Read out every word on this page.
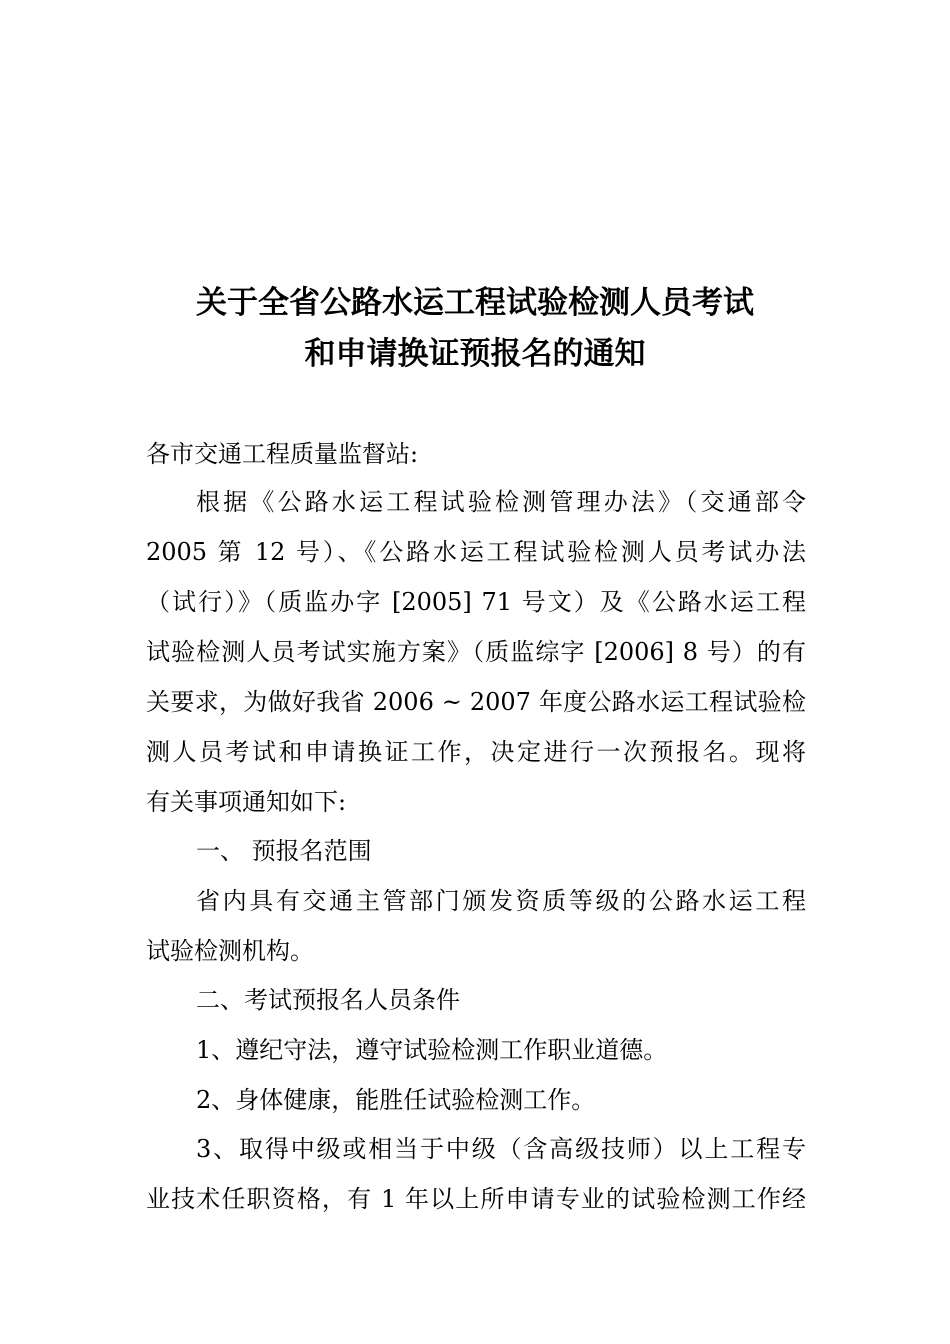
关于全省公路水运工程试验检测人员考试
和申请换证预报名的通知
各市交通工程质量监督站:
根据《公路水运工程试验检测管理办法》（交通部令
2005 第 12 号）、《公路水运工程试验检测人员考试办法
（试行）》（质监办字 [2005] 71 号文）及《公路水运工程
试验检测人员考试实施方案》（质监综字 [2006] 8 号）的有
关要求，为做好我省 2006 ~ 2007 年度公路水运工程试验检
测人员考试和申请换证工作，决定进行一次预报名。现将
有关事项通知如下:
一、 预报名范围
省内具有交通主管部门颁发资质等级的公路水运工程
试验检测机构。
二、考试预报名人员条件
1、遵纪守法，遵守试验检测工作职业道德。
2、身体健康，能胜任试验检测工作。
3、取得中级或相当于中级（含高级技师）以上工程专
业技术任职资格，有 1 年以上所申请专业的试验检测工作经
